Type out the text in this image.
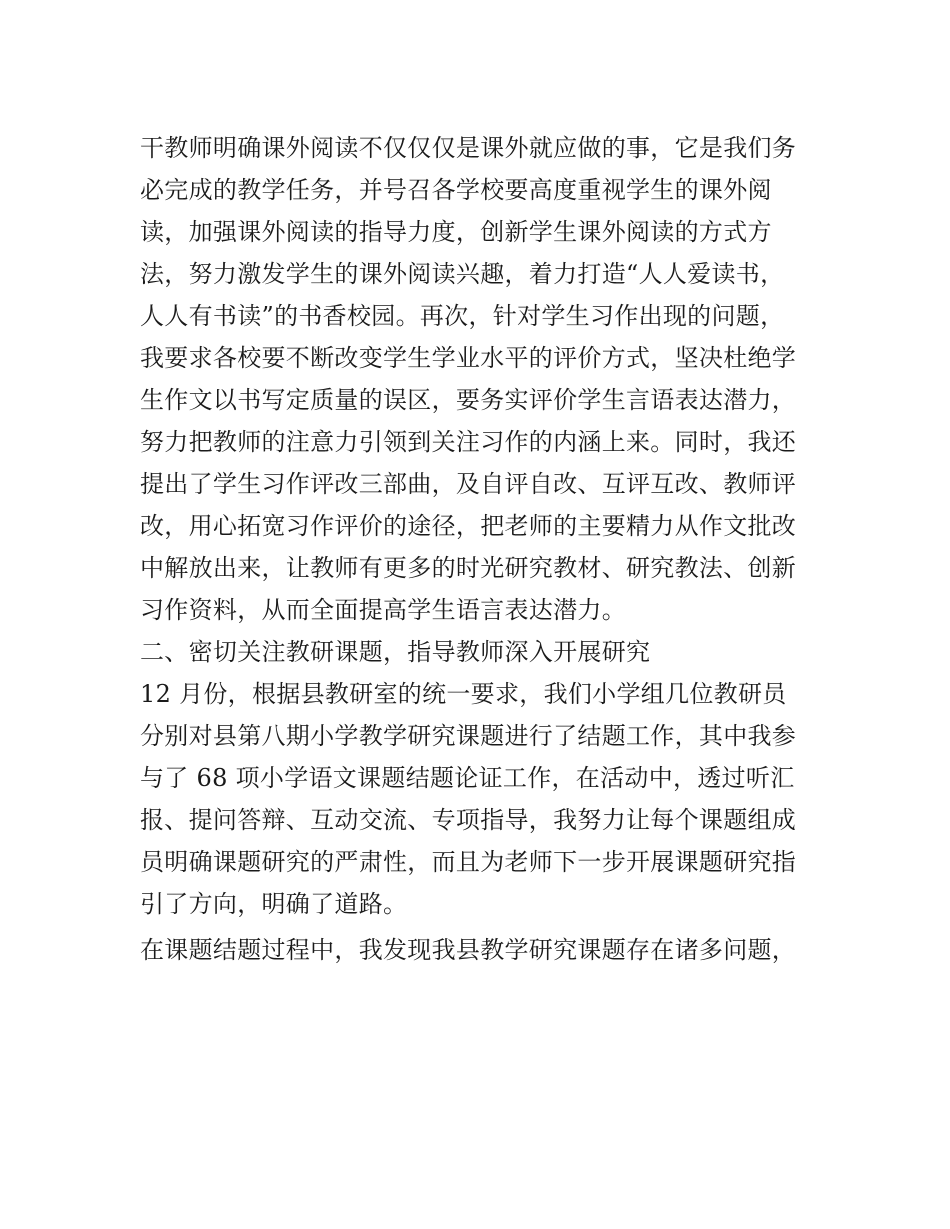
干教师明确课外阅读不仅仅仅是课外就应做的事，它是我们务
必完成的教学任务，并号召各学校要高度重视学生的课外阅
读，加强课外阅读的指导力度，创新学生课外阅读的方式方
法，努力激发学生的课外阅读兴趣，着力打造“人人爱读书，
人人有书读”的书香校园。再次，针对学生习作出现的问题，
我要求各校要不断改变学生学业水平的评价方式，坚决杜绝学
生作文以书写定质量的误区，要务实评价学生言语表达潜力，
努力把教师的注意力引领到关注习作的内涵上来。同时，我还
提出了学生习作评改三部曲，及自评自改、互评互改、教师评
改，用心拓宽习作评价的途径，把老师的主要精力从作文批改
中解放出来，让教师有更多的时光研究教材、研究教法、创新
习作资料，从而全面提高学生语言表达潜力。
二、密切关注教研课题，指导教师深入开展研究
12 月份，根据县教研室的统一要求，我们小学组几位教研员
分别对县第八期小学教学研究课题进行了结题工作，其中我参
与了 68 项小学语文课题结题论证工作，在活动中，透过听汇
报、提问答辩、互动交流、专项指导，我努力让每个课题组成
员明确课题研究的严肃性，而且为老师下一步开展课题研究指
引了方向，明确了道路。
在课题结题过程中，我发现我县教学研究课题存在诸多问题，
